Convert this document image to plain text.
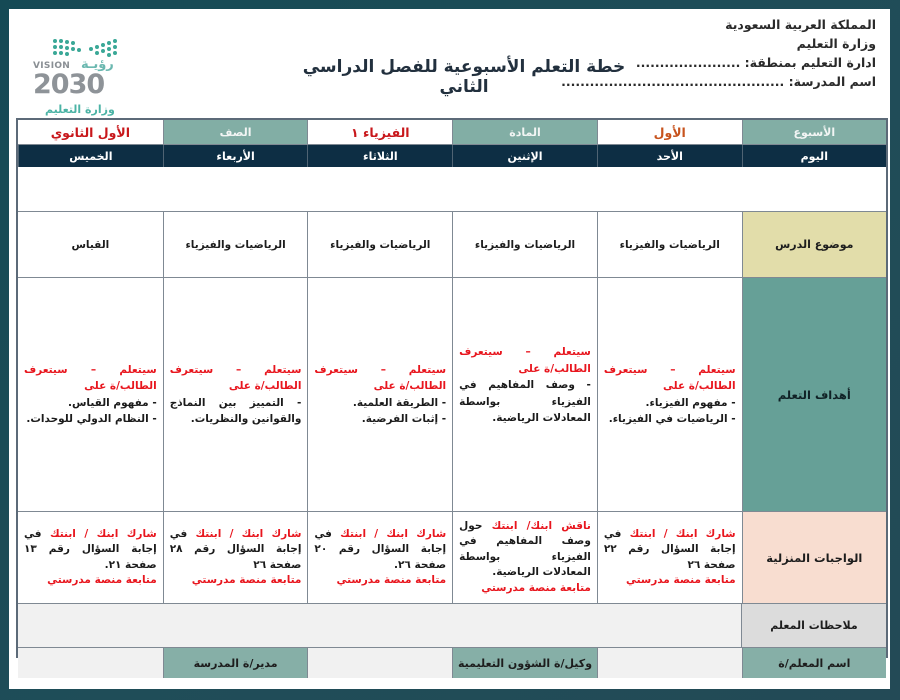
المملكة العربية السعودية
وزارة التعليم
ادارة التعليم بمنطقة: ......................
اسم المدرسة: ...............................................
خطة التعلم الأسبوعية للفصل الدراسي الثاني
VISION رؤيـة
2030
وزارة التعليم
الأسبوع
الأول
المادة
الفيزياء ١
الصف
الأول الثانوي
اليوم
الأحد
الإثنين
الثلاثاء
الأربعاء
الخميس
موضوع الدرس
الرياضيات والفيزياء
الرياضيات والفيزياء
الرياضيات والفيزياء
الرياضيات والفيزياء
القياس
أهداف التعلم
سيتعلم – سيتعرف الطالب/ة على
- مفهوم الفيزياء.
- الرياضيات في الفيزياء.
سيتعلم – سيتعرف الطالب/ة على
- وصف المفاهيم في الفيزياء بواسطة المعادلات الرياضية.
سيتعلم – سيتعرف الطالب/ة على
- الطريقة العلمية.
- إثبات الفرضية.
سيتعلم – سيتعرف الطالب/ة على
- التمييز بين النماذج والقوانين والنظريات.
سيتعلم – سيتعرف الطالب/ة على
- مفهوم القياس.
- النظام الدولي للوحدات.
الواجبات المنزلية
شارك ابنك / ابنتك في إجابة السؤال رقم ٢٢ صفحة ٢٦
متابعة منصة مدرستي
ناقش ابنك/ ابنتك حول وصف المفاهيم في الفيزياء بواسطة المعادلات الرياضية.
متابعة منصة مدرستي
شارك ابنك / ابنتك في إجابة السؤال رقم ٢٠ صفحة ٢٦.
متابعة منصة مدرستي
شارك ابنك / ابنتك في إجابة السؤال رقم ٢٨ صفحة ٢٦
متابعة منصة مدرستي
شارك ابنك / ابنتك في إجابة السؤال رقم ١٣ صفحة ٢١.
متابعة منصة مدرستي
ملاحظات المعلم
اسم المعلم/ة
وكيل/ة الشؤون التعليمية
مدير/ة المدرسة
